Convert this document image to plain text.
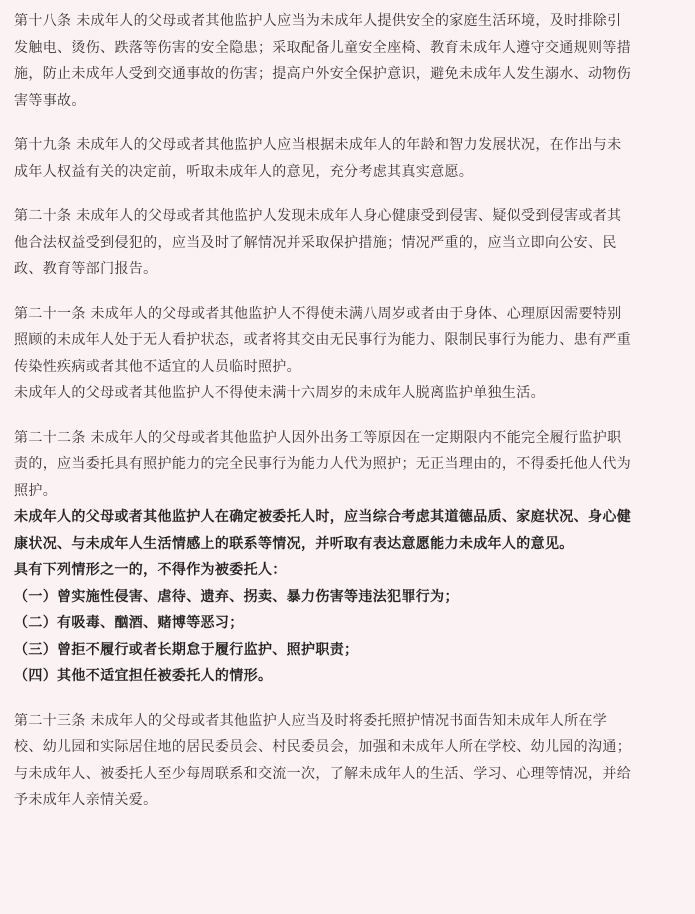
第十八条 未成年人的父母或者其他监护人应当为未成年人提供安全的家庭生活环境，及时排除引
发触电、烫伤、跌落等伤害的安全隐患；采取配备儿童安全座椅、教育未成年人遵守交通规则等措
施，防止未成年人受到交通事故的伤害；提高户外安全保护意识，避免未成年人发生溺水、动物伤
害等事故。
第十九条 未成年人的父母或者其他监护人应当根据未成年人的年龄和智力发展状况，在作出与未
成年人权益有关的决定前，听取未成年人的意见，充分考虑其真实意愿。
第二十条 未成年人的父母或者其他监护人发现未成年人身心健康受到侵害、疑似受到侵害或者其
他合法权益受到侵犯的，应当及时了解情况并采取保护措施；情况严重的，应当立即向公安、民
政、教育等部门报告。
第二十一条 未成年人的父母或者其他监护人不得使未满八周岁或者由于身体、心理原因需要特别
照顾的未成年人处于无人看护状态，或者将其交由无民事行为能力、限制民事行为能力、患有严重
传染性疾病或者其他不适宜的人员临时照护。
未成年人的父母或者其他监护人不得使未满十六周岁的未成年人脱离监护单独生活。
第二十二条 未成年人的父母或者其他监护人因外出务工等原因在一定期限内不能完全履行监护职
责的，应当委托具有照护能力的完全民事行为能力人代为照护；无正当理由的，不得委托他人代为
照护。
未成年人的父母或者其他监护人在确定被委托人时，应当综合考虑其道德品质、家庭状况、身心健
康状况、与未成年人生活情感上的联系等情况，并听取有表达意愿能力未成年人的意见。
具有下列情形之一的，不得作为被委托人：
（一）曾实施性侵害、虐待、遗弃、拐卖、暴力伤害等违法犯罪行为；
（二）有吸毒、酗酒、赌博等恶习；
（三）曾拒不履行或者长期怠于履行监护、照护职责；
（四）其他不适宜担任被委托人的情形。
第二十三条 未成年人的父母或者其他监护人应当及时将委托照护情况书面告知未成年人所在学
校、幼儿园和实际居住地的居民委员会、村民委员会，加强和未成年人所在学校、幼儿园的沟通；
与未成年人、被委托人至少每周联系和交流一次，了解未成年人的生活、学习、心理等情况，并给
予未成年人亲情关爱。
